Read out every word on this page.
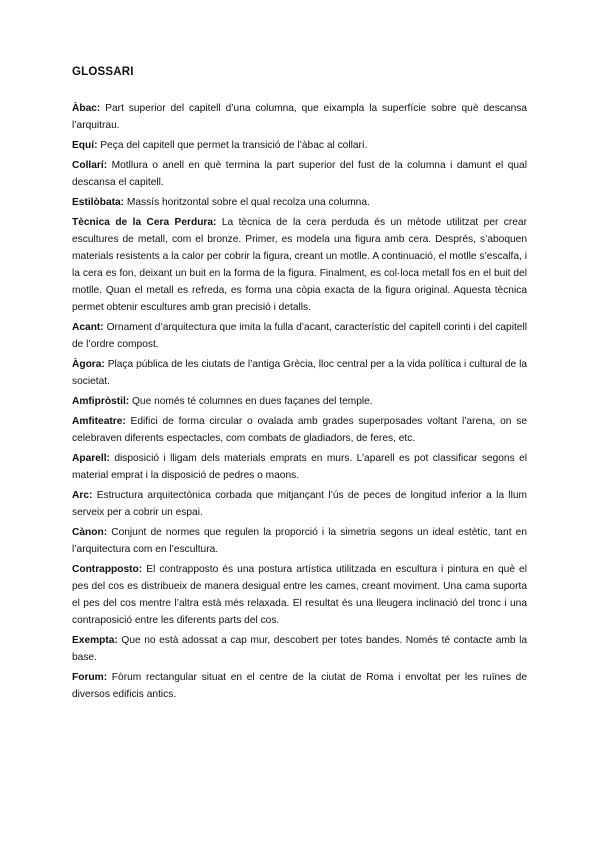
GLOSSARI

Àbac: Part superior del capitell d’una columna, que eixampla la superfície sobre què descansa l’arquitrau.

Equí: Peça del capitell que permet la transició de l’àbac al collarí.

Collarí: Motllura o anell en què termina la part superior del fust de la columna i damunt el qual descansa el capitell.

Estilòbata: Massís horitzontal sobre el qual recolza una columna.

Tècnica de la Cera Perdura: La tècnica de la cera perduda és un mètode utilitzat per crear escultures de metall, com el bronze. Primer, es modela una figura amb cera. Després, s’aboquen materials resistents a la calor per cobrir la figura, creant un motlle. A continuació, el motlle s’escalfa, i la cera es fon, deixant un buit en la forma de la figura. Finalment, es col·loca metall fos en el buit del motlle. Quan el metall es refreda, es forma una còpia exacta de la figura original. Aquesta tècnica permet obtenir escultures amb gran precisió i detalls.

Acant: Ornament d’arquitectura que imita la fulla d’acant, característic del capitell corinti i del capitell de l’ordre compost.

Àgora: Plaça pública de les ciutats de l’antiga Grècia, lloc central per a la vida política i cultural de la societat.

Amfipròstil: Que només té columnes en dues façanes del temple.

Amfiteatre: Edifici de forma circular o ovalada amb grades superposades voltant l’arena, on se celebraven diferents espectacles, com combats de gladiadors, de feres, etc.

Aparell: disposició i lligam dels materials emprats en murs. L’aparell es pot classificar segons el material emprat i la disposició de pedres o maons.

Arc: Estructura arquitectònica corbada que mitjançant l’ús de peces de longitud inferior a la llum serveix per a cobrir un espai.

Cànon: Conjunt de normes que regulen la proporció i la simetria segons un ideal estètic, tant en l’arquitectura com en l’escultura.

Contrapposto: El contrapposto és una postura artística utilitzada en escultura i pintura en què el pes del cos es distribueix de manera desigual entre les cames, creant moviment. Una cama suporta el pes del cos mentre l’altra està més relaxada. El resultat és una lleugera inclinació del tronc i una contraposició entre les diferents parts del cos.

Exempta: Que no està adossat a cap mur, descobert per totes bandes. Només té contacte amb la base.

Forum: Fòrum rectangular situat en el centre de la ciutat de Roma i envoltat per les ruïnes de diversos edificis antics.
